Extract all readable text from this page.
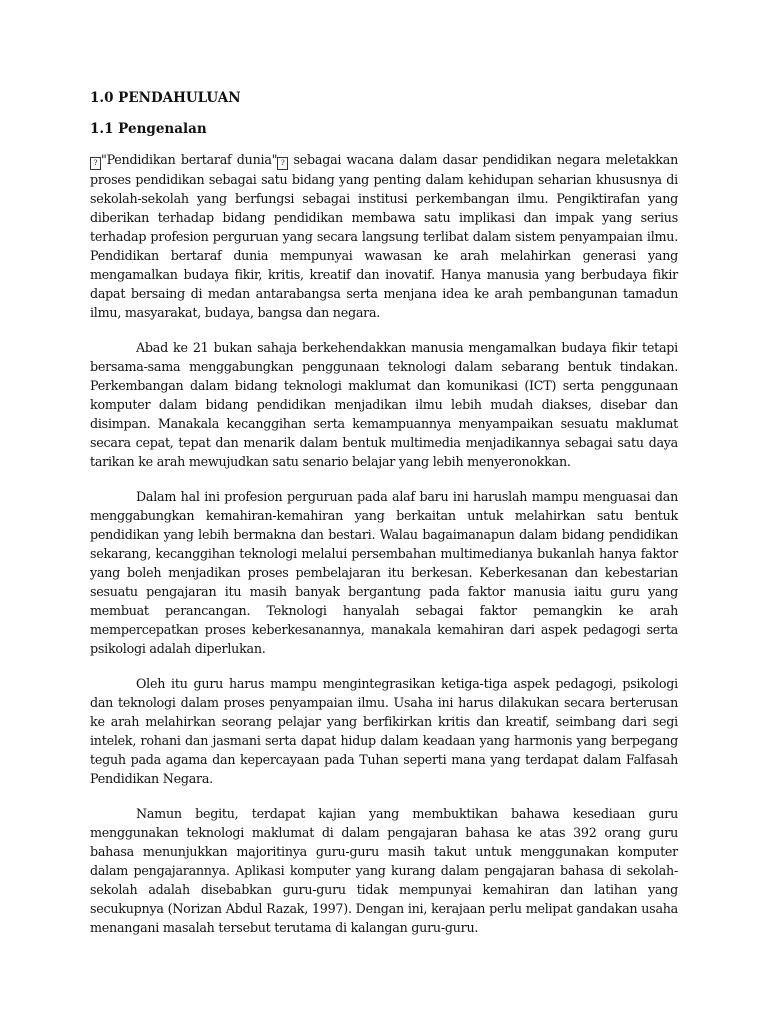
1.0 PENDAHULUAN
1.1 Pengenalan

? "Pendidikan bertaraf dunia" ? sebagai wacana dalam dasar pendidikan negara meletakkan proses pendidikan sebagai satu bidang yang penting dalam kehidupan seharian khususnya di sekolah-sekolah yang berfungsi sebagai institusi perkembangan ilmu. Pengiktirafan yang diberikan terhadap bidang pendidikan membawa satu implikasi dan impak yang serius terhadap profesion perguruan yang secara langsung terlibat dalam sistem penyampaian ilmu. Pendidikan bertaraf dunia mempunyai wawasan ke arah melahirkan generasi yang mengamalkan budaya fikir, kritis, kreatif dan inovatif. Hanya manusia yang berbudaya fikir dapat bersaing di medan antarabangsa serta menjana idea ke arah pembangunan tamadun ilmu, masyarakat, budaya, bangsa dan negara.

Abad ke 21 bukan sahaja berkehendakkan manusia mengamalkan budaya fikir tetapi bersama-sama menggabungkan penggunaan teknologi dalam sebarang bentuk tindakan. Perkembangan dalam bidang teknologi maklumat dan komunikasi (ICT) serta penggunaan komputer dalam bidang pendidikan menjadikan ilmu lebih mudah diakses, disebar dan disimpan. Manakala kecanggihan serta kemampuannya menyampaikan sesuatu maklumat secara cepat, tepat dan menarik dalam bentuk multimedia menjadikannya sebagai satu daya tarikan ke arah mewujudkan satu senario belajar yang lebih menyeronokkan.

Dalam hal ini profesion perguruan pada alaf baru ini haruslah mampu menguasai dan menggabungkan kemahiran-kemahiran yang berkaitan untuk melahirkan satu bentuk pendidikan yang lebih bermakna dan bestari. Walau bagaimanapun dalam bidang pendidikan sekarang, kecanggihan teknologi melalui persembahan multimedianya bukanlah hanya faktor yang boleh menjadikan proses pembelajaran itu berkesan. Keberkesanan dan kebestarian sesuatu pengajaran itu masih banyak bergantung pada faktor manusia iaitu guru yang membuat perancangan. Teknologi hanyalah sebagai faktor pemangkin ke arah mempercepatkan proses keberkesanannya, manakala kemahiran dari aspek pedagogi serta psikologi adalah diperlukan.

Oleh itu guru harus mampu mengintegrasikan ketiga-tiga aspek pedagogi, psikologi dan teknologi dalam proses penyampaian ilmu. Usaha ini harus dilakukan secara berterusan ke arah melahirkan seorang pelajar yang berfikirkan kritis dan kreatif, seimbang dari segi intelek, rohani dan jasmani serta dapat hidup dalam keadaan yang harmonis yang berpegang teguh pada agama dan kepercayaan pada Tuhan seperti mana yang terdapat dalam Falfasah Pendidikan Negara.

Namun begitu, terdapat kajian yang membuktikan bahawa kesediaan guru menggunakan teknologi maklumat di dalam pengajaran bahasa ke atas 392 orang guru bahasa menunjukkan majoritinya guru-guru masih takut untuk menggunakan komputer dalam pengajarannya. Aplikasi komputer yang kurang dalam pengajaran bahasa di sekolah-sekolah adalah disebabkan guru-guru tidak mempunyai kemahiran dan latihan yang secukupnya (Norizan Abdul Razak, 1997). Dengan ini, kerajaan perlu melipat gandakan usaha menangani masalah tersebut terutama di kalangan guru-guru.
